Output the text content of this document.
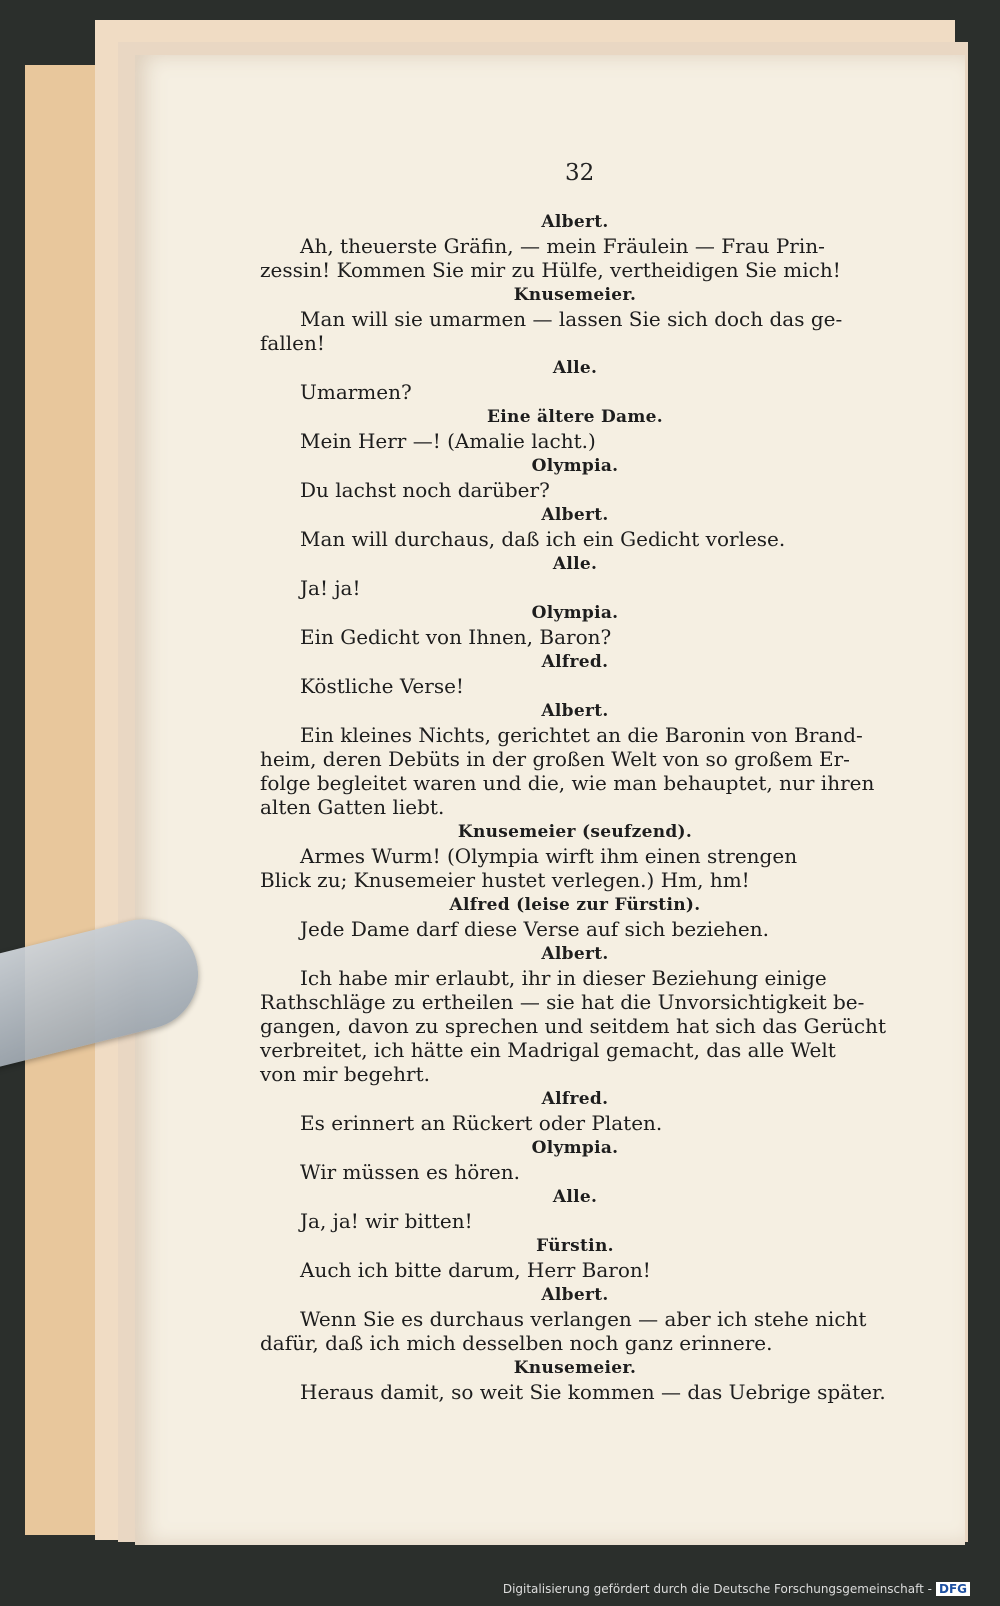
32
Albert.
Ah, theuerste Gräfin, — mein Fräulein — Frau Prin-
zessin! Kommen Sie mir zu Hülfe, vertheidigen Sie mich!
Knusemeier.
Man will sie umarmen — lassen Sie sich doch das ge-
fallen!
Alle.
Umarmen?
Eine ältere Dame.
Mein Herr —! (Amalie lacht.)
Olympia.
Du lachst noch darüber?
Albert.
Man will durchaus, daß ich ein Gedicht vorlese.
Alle.
Ja! ja!
Olympia.
Ein Gedicht von Ihnen, Baron?
Alfred.
Köstliche Verse!
Albert.
Ein kleines Nichts, gerichtet an die Baronin von Brand-
heim, deren Debüts in der großen Welt von so großem Er-
folge begleitet waren und die, wie man behauptet, nur ihren
alten Gatten liebt.
Knusemeier (seufzend).
Armes Wurm! (Olympia wirft ihm einen strengen
Blick zu; Knusemeier hustet verlegen.) Hm, hm!
Alfred (leise zur Fürstin).
Jede Dame darf diese Verse auf sich beziehen.
Albert.
Ich habe mir erlaubt, ihr in dieser Beziehung einige
Rathschläge zu ertheilen — sie hat die Unvorsichtigkeit be-
gangen, davon zu sprechen und seitdem hat sich das Gerücht
verbreitet, ich hätte ein Madrigal gemacht, das alle Welt
von mir begehrt.
Alfred.
Es erinnert an Rückert oder Platen.
Olympia.
Wir müssen es hören.
Alle.
Ja, ja! wir bitten!
Fürstin.
Auch ich bitte darum, Herr Baron!
Albert.
Wenn Sie es durchaus verlangen — aber ich stehe nicht
dafür, daß ich mich desselben noch ganz erinnere.
Knusemeier.
Heraus damit, so weit Sie kommen — das Uebrige später.
Digitalisierung gefördert durch die Deutsche Forschungsgemeinschaft - DFG
